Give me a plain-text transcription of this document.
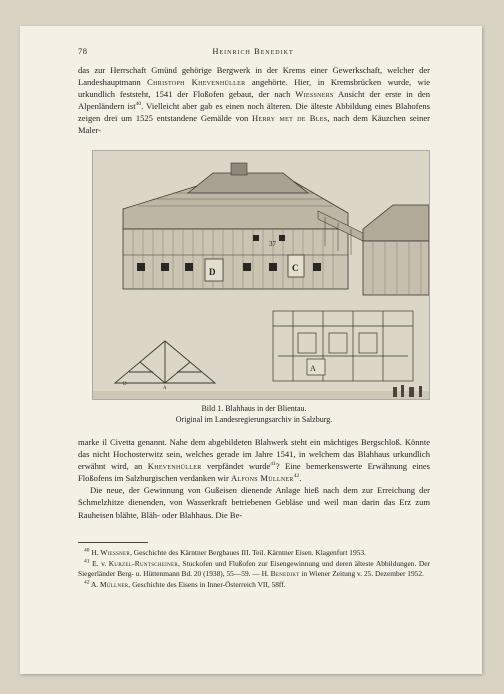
78	Heinrich Benedikt

das zur Herrschaft Gmünd gehörige Bergwerk in der Krems einer Gewerkschaft, welcher der Landeshauptmann Christoph Khevenhüller angehörte. Hier, in Kremsbrücken wurde, wie urkundlich feststeht, 1541 der Floßofen gebaut, der nach Wiessners Ansicht der erste in den Alpenländern ist$^{40}$. Vielleicht aber gab es einen noch älteren. Die älteste Abbildung eines Blahofens zeigen drei um 1525 entstandene Gemälde von Herry met de Bles, nach dem Käuzchen seiner Maler-

D	C
37
A
A
D
Bild 1. Blahhaus in der Blientau.
Original im Landesregierungsarchiv in Salzburg.

marke il Civetta genannt. Nahe dem abgebildeten Blahwerk steht ein mächtiges Bergschloß. Könnte das nicht Hochosterwitz sein, welches gerade im Jahre 1541, in welchem das Blahhaus urkundlich erwähnt wird, an Khevenhüller verpfändet wurde$^{41}$? Eine bemerkenswerte Erwähnung eines Floßofens im Salzburgischen verdanken wir Alfons Müllner$^{42}$.

Die neue, der Gewinnung von Gußeisen dienende Anlage hieß nach dem zur Erreichung der Schmelzhitze dienenden, von Wasserkraft betriebenen Gebläse und weil man darin das Erz zum Rauheisen blähte, Bläh- oder Blahhaus. Die Be-

$^{40}$ H. Wiessner, Geschichte des Kärntner Bergbaues III. Teil. Kärntner Eisen. Klagenfurt 1953.

$^{41}$ E. v. Kurzel-Runtscheiner, Stuckofen und Flußofen zur Eisengewinnung und deren älteste Abbildungen. Der Siegerländer Berg- u. Hüttenmann Bd. 20 (1938), 55—59. — H. Benedikt in Wiener Zeitung v. 25. Dezember 1952.

$^{42}$ A. Müllner, Geschichte des Eisens in Inner-Österreich VII, 58ff.
